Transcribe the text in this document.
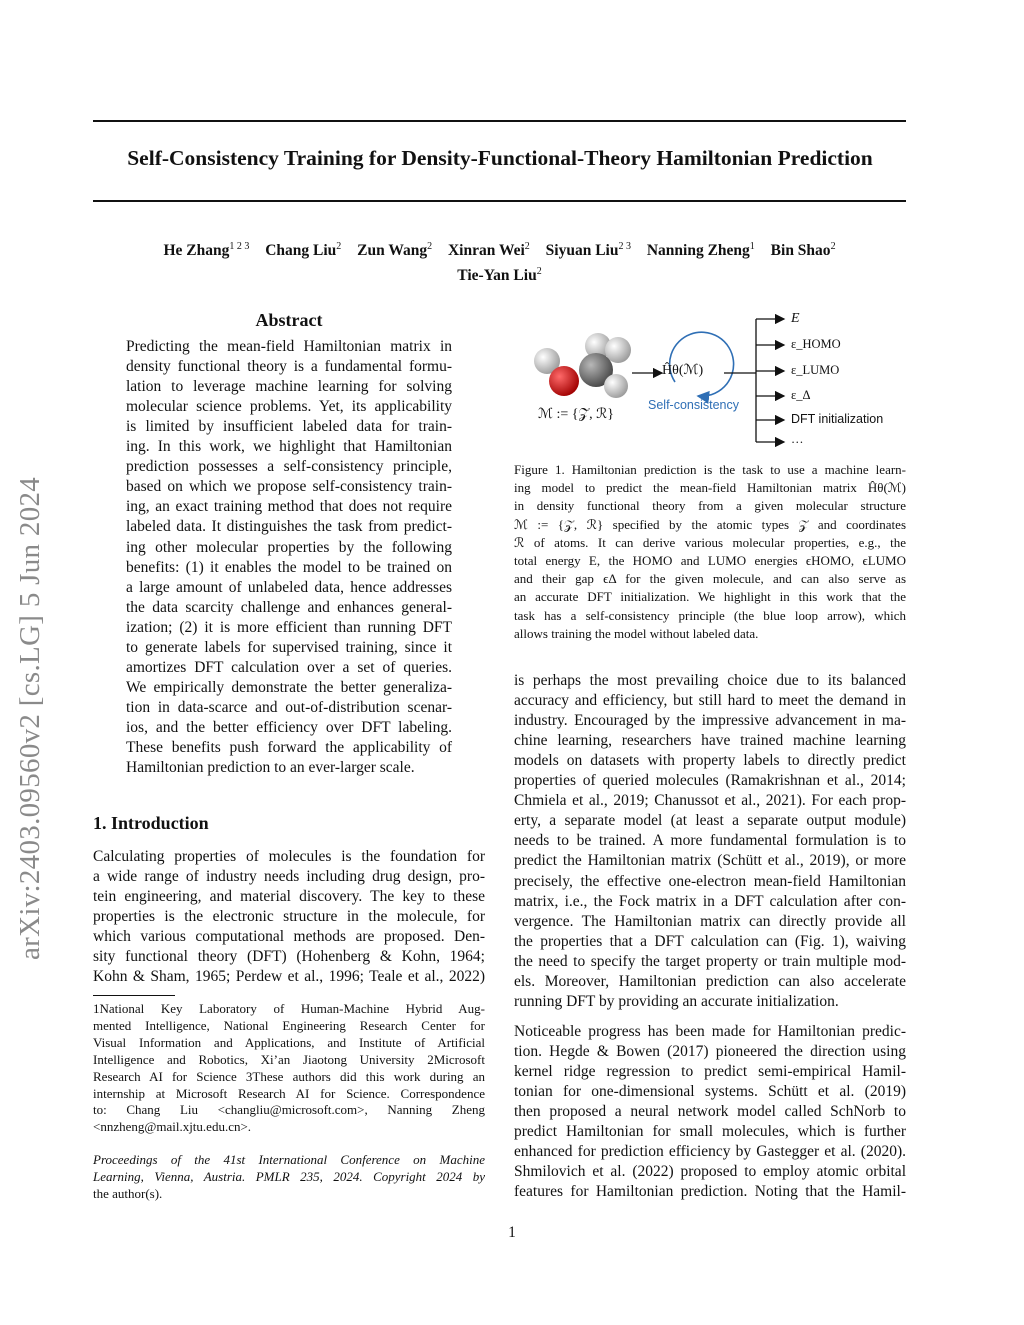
arXiv:2403.09560v2 [cs.LG] 5 Jun 2024
Self-Consistency Training for Density-Functional-Theory Hamiltonian Prediction
He Zhang$^{1 2 3}$ Chang Liu$^2$ Zun Wang$^2$ Xinran Wei$^2$ Siyuan Liu$^{2 3}$ Nanning Zheng$^1$ Bin Shao$^2$
Tie-Yan Liu$^2$
Abstract
Predicting the mean-field Hamiltonian matrix in
density functional theory is a fundamental formu-
lation to leverage machine learning for solving
molecular science problems. Yet, its applicability
is limited by insufficient labeled data for train-
ing. In this work, we highlight that Hamiltonian
prediction possesses a self-consistency principle,
based on which we propose self-consistency train-
ing, an exact training method that does not require
labeled data. It distinguishes the task from predict-
ing other molecular properties by the following
benefits: (1) it enables the model to be trained on
a large amount of unlabeled data, hence addresses
the data scarcity challenge and enhances general-
ization; (2) it is more efficient than running DFT
to generate labels for supervised training, since it
amortizes DFT calculation over a set of queries.
We empirically demonstrate the better generaliza-
tion in data-scarce and out-of-distribution scenar-
ios, and the better efficiency over DFT labeling.
These benefits push forward the applicability of
Hamiltonian prediction to an ever-larger scale.
1. Introduction
Calculating properties of molecules is the foundation for
a wide range of industry needs including drug design, pro-
tein engineering, and material discovery. The key to these
properties is the electronic structure in the molecule, for
which various computational methods are proposed. Den-
sity functional theory (DFT) (Hohenberg & Kohn, 1964;
Kohn & Sham, 1965; Perdew et al., 1996; Teale et al., 2022)
1National Key Laboratory of Human-Machine Hybrid Aug-
mented Intelligence, National Engineering Research Center for
Visual Information and Applications, and Institute of Artificial
Intelligence and Robotics, Xi’an Jiaotong University 2Microsoft
Research AI for Science 3These authors did this work during an
internship at Microsoft Research AI for Science. Correspondence
to: Chang Liu <changliu@microsoft.com>, Nanning Zheng
<nnzheng@mail.xjtu.edu.cn>.
Proceedings of the 41st International Conference on Machine
Learning, Vienna, Austria. PMLR 235, 2024. Copyright 2024 by
the author(s).
Ĥθ(ℳ)
ℳ := {𝒵, ℛ}
Self-consistency
E
ε_HOMO
ε_LUMO
ε_Δ
DFT initialization
…
Figure 1. Hamiltonian prediction is the task to use a machine learn-
ing model to predict the mean-field Hamiltonian matrix Ĥθ(ℳ)
in density functional theory from a given molecular structure
ℳ := {𝒵, ℛ} specified by the atomic types 𝒵 and coordinates
ℛ of atoms. It can derive various molecular properties, e.g., the
total energy E, the HOMO and LUMO energies ϵHOMO, ϵLUMO
and their gap ϵΔ for the given molecule, and can also serve as
an accurate DFT initialization. We highlight in this work that the
task has a self-consistency principle (the blue loop arrow), which
allows training the model without labeled data.
is perhaps the most prevailing choice due to its balanced
accuracy and efficiency, but still hard to meet the demand in
industry. Encouraged by the impressive advancement in ma-
chine learning, researchers have trained machine learning
models on datasets with property labels to directly predict
properties of queried molecules (Ramakrishnan et al., 2014;
Chmiela et al., 2019; Chanussot et al., 2021). For each prop-
erty, a separate model (at least a separate output module)
needs to be trained. A more fundamental formulation is to
predict the Hamiltonian matrix (Schütt et al., 2019), or more
precisely, the effective one-electron mean-field Hamiltonian
matrix, i.e., the Fock matrix in a DFT calculation after con-
vergence. The Hamiltonian matrix can directly provide all
the properties that a DFT calculation can (Fig. 1), waiving
the need to specify the target property or train multiple mod-
els. Moreover, Hamiltonian prediction can also accelerate
running DFT by providing an accurate initialization.
Noticeable progress has been made for Hamiltonian predic-
tion. Hegde & Bowen (2017) pioneered the direction using
kernel ridge regression to predict semi-empirical Hamil-
tonian for one-dimensional systems. Schütt et al. (2019)
then proposed a neural network model called SchNorb to
predict Hamiltonian for small molecules, which is further
enhanced for prediction efficiency by Gastegger et al. (2020).
Shmilovich et al. (2022) proposed to employ atomic orbital
features for Hamiltonian prediction. Noting that the Hamil-
1
